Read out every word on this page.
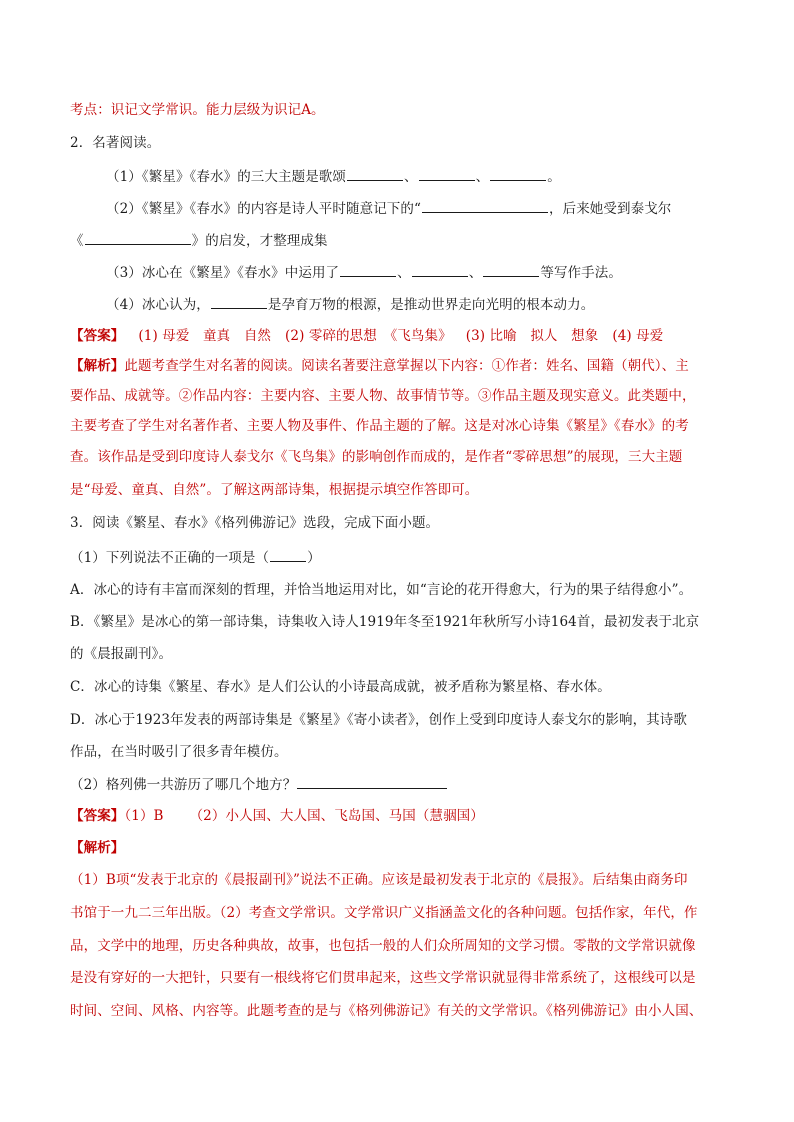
考点：识记文学常识。能力层级为识记A。
2．名著阅读。
（1）《繁星》《春水》的三大主题是歌颂	、	、	。
（2）《繁星》《春水》的内容是诗人平时随意记下的“	，后来她受到泰戈尔
《	》的启发，才整理成集
（3）冰心在《繁星》《春水》中运用了	、	、	等写作手法。
（4）冰心认为，	是孕育万物的根源，是推动世界走向光明的根本动力。
【答案】 (1) 母爱　童真　自然 (2) 零碎的思想　《飞鸟集》 (3) 比喻　拟人　想象 (4) 母爱
【解析】此题考查学生对名著的阅读。阅读名著要注意掌握以下内容：①作者：姓名、国籍（朝代）、主
要作品、成就等。②作品内容：主要内容、主要人物、故事情节等。③作品主题及现实意义。此类题中，
主要考查了学生对名著作者、主要人物及事件、作品主题的了解。这是对冰心诗集《繁星》《春水》的考
查。该作品是受到印度诗人泰戈尔《飞鸟集》的影响创作而成的，是作者“零碎思想”的展现，三大主题
是“母爱、童真、自然”。了解这两部诗集，根据提示填空作答即可。
3．阅读《繁星、春水》《格列佛游记》选段，完成下面小题。
（1）下列说法不正确的一项是（	）
A．冰心的诗有丰富而深刻的哲理，并恰当地运用对比，如“言论的花开得愈大，行为的果子结得愈小”。
B．《繁星》是冰心的第一部诗集，诗集收入诗人1919年冬至1921年秋所写小诗164首，最初发表于北京
的《晨报副刊》。
C．冰心的诗集《繁星、春水》是人们公认的小诗最高成就，被矛盾称为繁星格、春水体。
D．冰心于1923年发表的两部诗集是《繁星》《寄小读者》，创作上受到印度诗人泰戈尔的影响，其诗歌
作品，在当时吸引了很多青年模仿。
（2）格列佛一共游历了哪几个地方？
【答案】（1）B （2）小人国、大人国、飞岛国、马国（慧骃国）
【解析】
（1）B项“发表于北京的《晨报副刊》”说法不正确。应该是最初发表于北京的《晨报》。后结集由商务印
书馆于一九二三年出版。（2）考查文学常识。文学常识广义指涵盖文化的各种问题。包括作家，年代，作
品，文学中的地理，历史各种典故，故事，也包括一般的人们众所周知的文学习惯。零散的文学常识就像
是没有穿好的一大把针，只要有一根线将它们贯串起来，这些文学常识就显得非常系统了，这根线可以是
时间、空间、风格、内容等。此题考查的是与《格列佛游记》有关的文学常识。《格列佛游记》由小人国、
